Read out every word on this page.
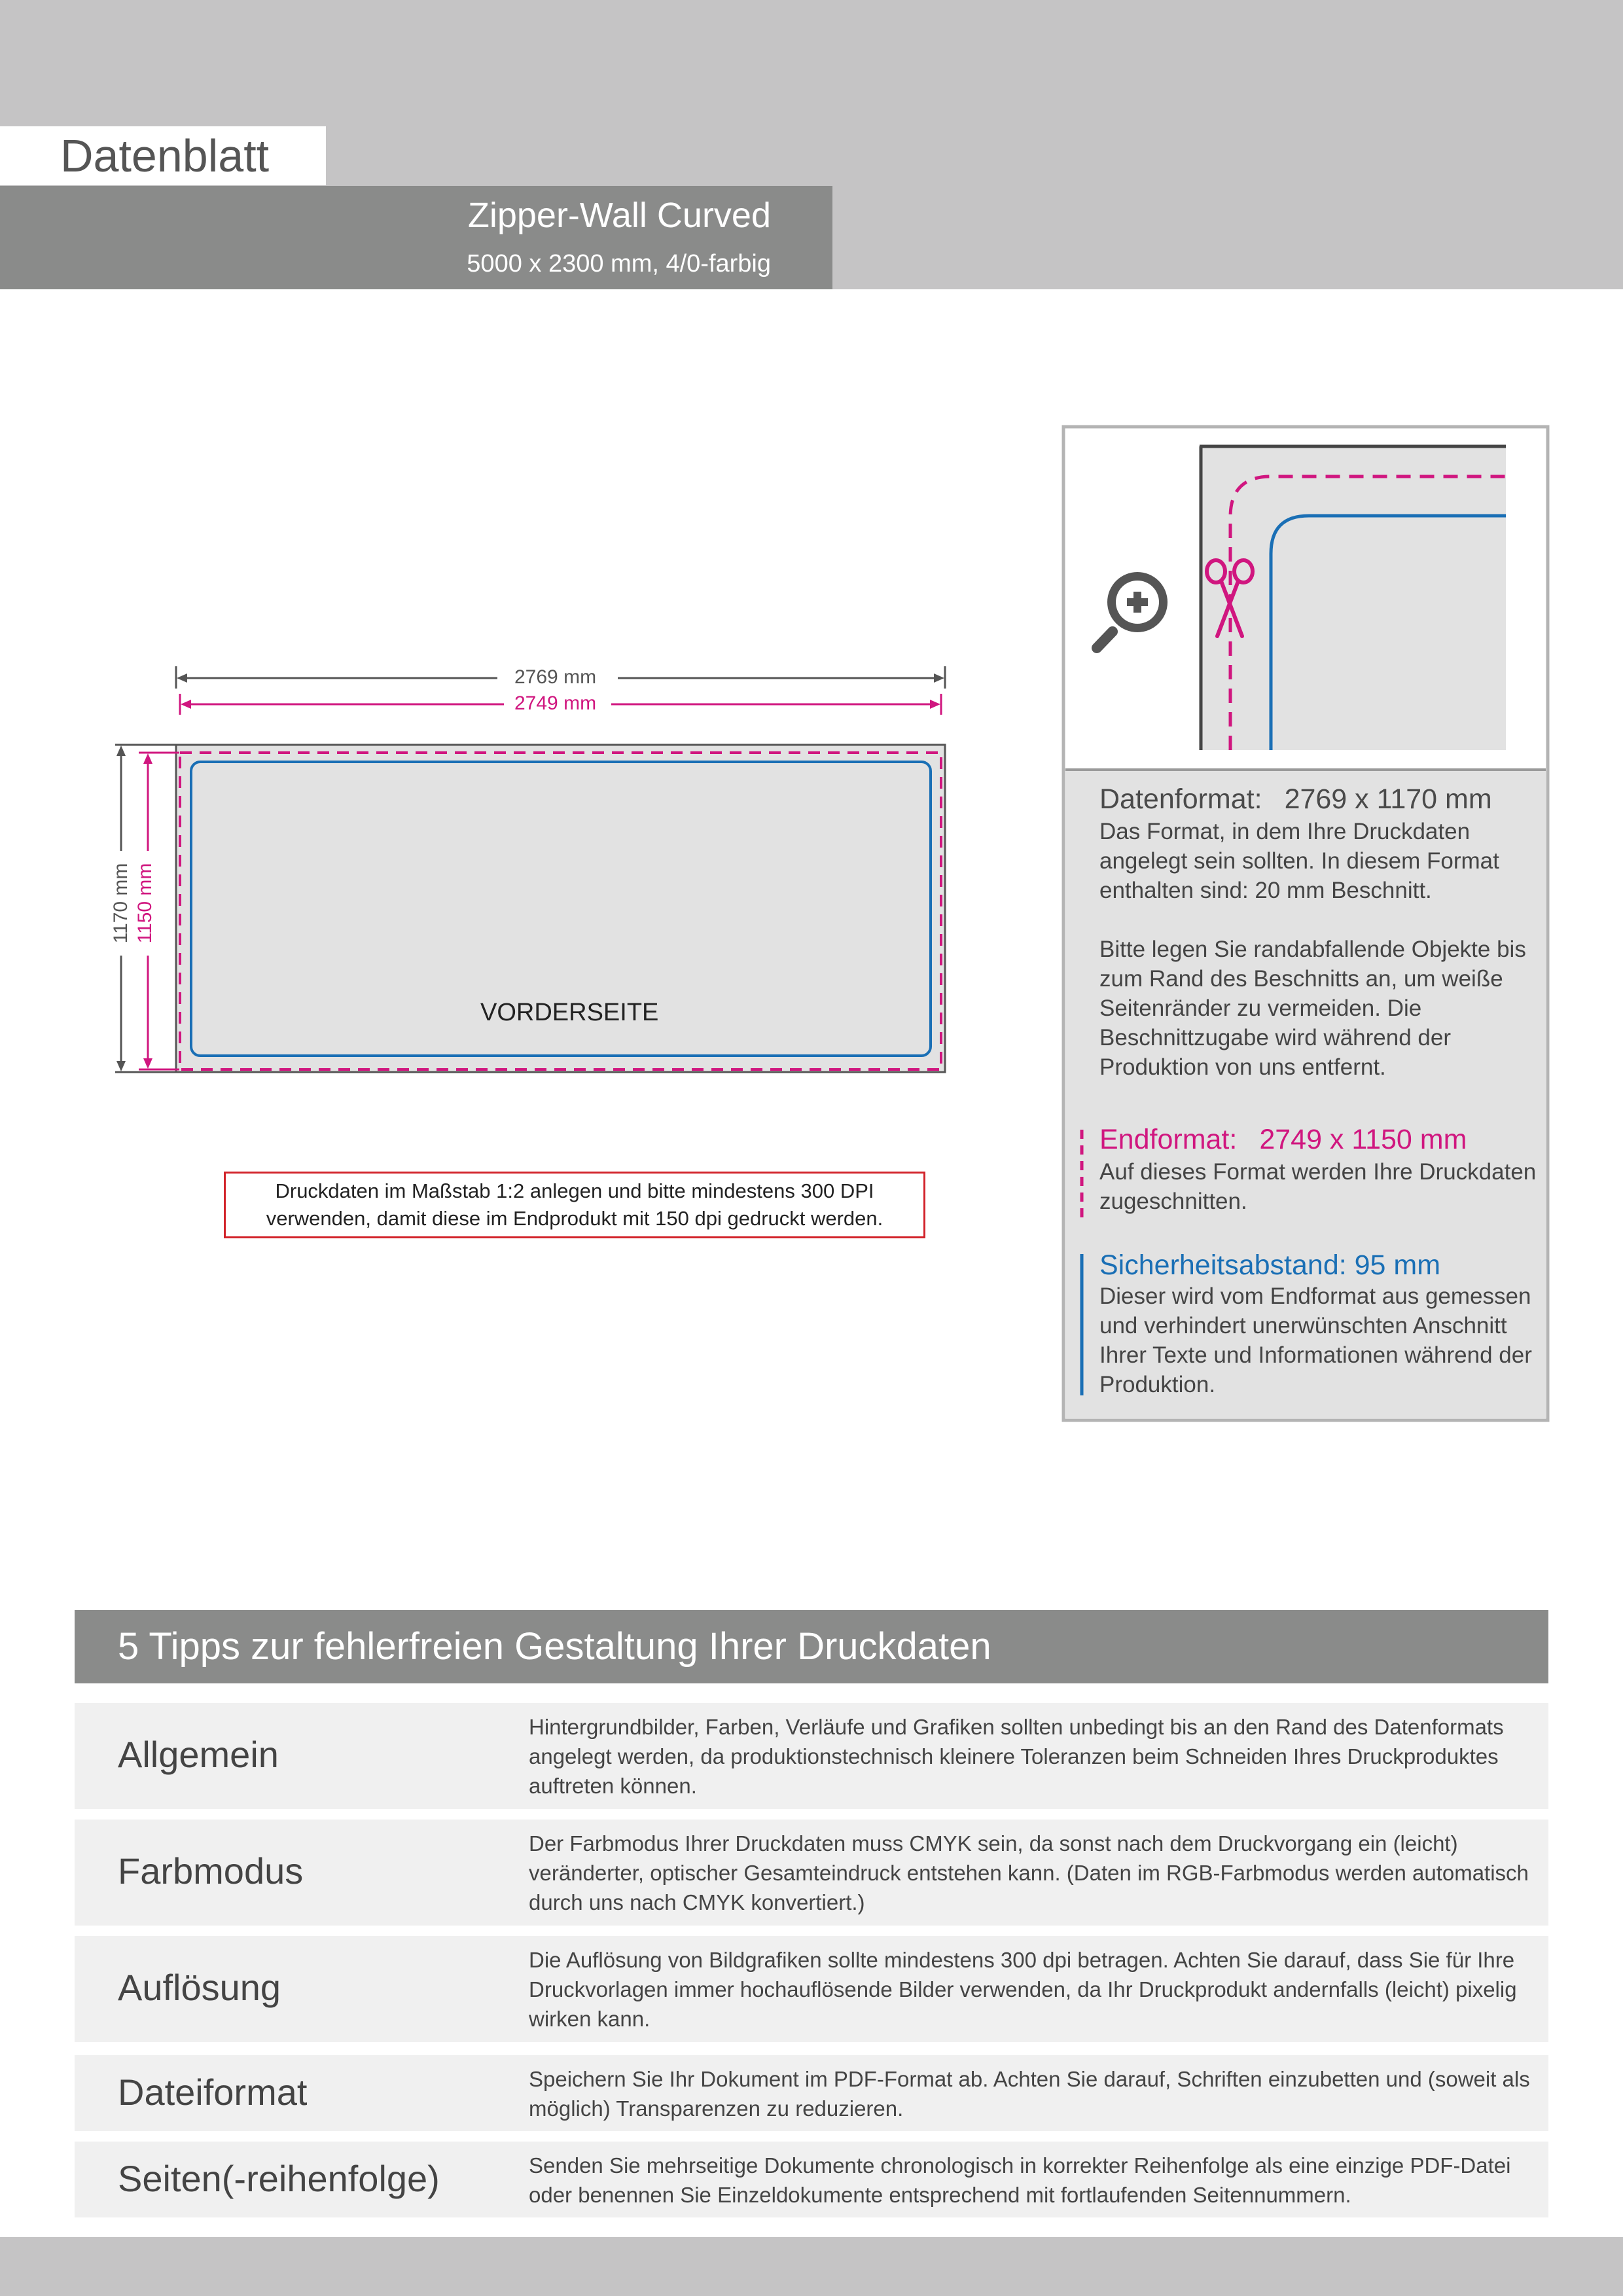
Datenblatt
Zipper-Wall Curved
5000 x 2300 mm, 4/0-farbig
2769 mm
2749 mm
1170 mm 1150 mm
VORDERSEITE
Druckdaten im Maßstab 1:2 anlegen und bitte mindestens 300 DPI
verwenden, damit diese im Endprodukt mit 150 dpi gedruckt werden.
Datenformat: 2769 x 1170 mm
Das Format, in dem Ihre Druckdaten angelegt sein sollten. In diesem Format enthalten sind: 20 mm Beschnitt.
Bitte legen Sie randabfallende Objekte bis zum Rand des Beschnitts an, um weiße Seitenränder zu vermeiden. Die Beschnittzugabe wird während der Produktion von uns entfernt.
Endformat: 2749 x 1150 mm
Auf dieses Format werden Ihre Druckdaten zugeschnitten.
Sicherheitsabstand: 95 mm
Dieser wird vom Endformat aus gemessen und verhindert unerwünschten Anschnitt Ihrer Texte und Informationen während der Produktion.
5 Tipps zur fehlerfreien Gestaltung Ihrer Druckdaten
Allgemein
Hintergrundbilder, Farben, Verläufe und Grafiken sollten unbedingt bis an den Rand des Datenformats angelegt werden, da produktionstechnisch kleinere Toleranzen beim Schneiden Ihres Druckproduktes auftreten können.
Farbmodus
Der Farbmodus Ihrer Druckdaten muss CMYK sein, da sonst nach dem Druckvorgang ein (leicht) veränderter, optischer Gesamteindruck entstehen kann. (Daten im RGB-Farbmodus werden automatisch durch uns nach CMYK konvertiert.)
Auflösung
Die Auflösung von Bildgrafiken sollte mindestens 300 dpi betragen. Achten Sie darauf, dass Sie für Ihre Druckvorlagen immer hochauflösende Bilder verwenden, da Ihr Druckprodukt andernfalls (leicht) pixelig wirken kann.
Dateiformat	Speichern Sie Ihr Dokument im PDF-Format ab. Achten Sie darauf, Schriften einzubetten und (soweit als möglich) Transparenzen zu reduzieren.
Seiten(-reihenfolge)	Senden Sie mehrseitige Dokumente chronologisch in korrekter Reihenfolge als eine einzige PDF-Datei oder benennen Sie Einzeldokumente entsprechend mit fortlaufenden Seitennummern.
